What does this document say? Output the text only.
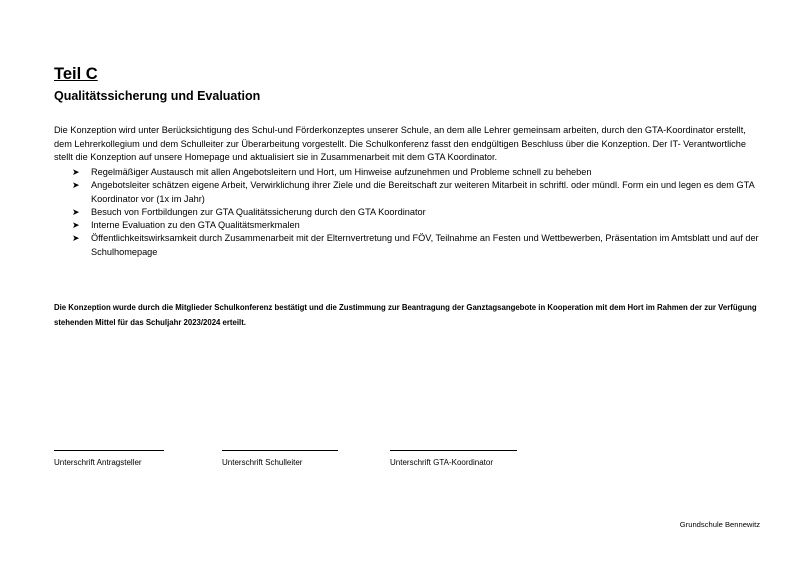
Teil C
Qualitätssicherung und Evaluation

Die Konzeption wird unter Berücksichtigung des Schul-und Förderkonzeptes unserer Schule, an dem alle Lehrer gemeinsam arbeiten, durch den GTA-Koordinator erstellt, dem Lehrerkollegium und dem Schulleiter zur Überarbeitung vorgestellt. Die Schulkonferenz fasst den endgültigen Beschluss über die Konzeption. Der IT- Verantwortliche stellt die Konzeption auf unsere Homepage und aktualisiert sie in Zusammenarbeit mit dem GTA Koordinator.

➤ Regelmäßiger Austausch mit allen Angebotsleitern und Hort, um Hinweise aufzunehmen und Probleme schnell zu beheben
➤ Angebotsleiter schätzen eigene Arbeit, Verwirklichung ihrer Ziele und die Bereitschaft zur weiteren Mitarbeit in schriftl. oder mündl. Form ein und legen es dem GTA Koordinator vor (1x im Jahr)
➤ Besuch von Fortbildungen zur GTA Qualitätssicherung durch den GTA Koordinator
➤ Interne Evaluation zu den GTA Qualitätsmerkmalen
➤ Öffentlichkeitswirksamkeit durch Zusammenarbeit mit der Elternvertretung und FÖV, Teilnahme an Festen und Wettbewerben, Präsentation im Amtsblatt und auf der Schulhomepage

Die Konzeption wurde durch die Mitglieder Schulkonferenz bestätigt und die Zustimmung zur Beantragung der Ganztagsangebote in Kooperation mit dem Hort im Rahmen der zur Verfügung stehenden Mittel für das Schuljahr 2023/2024 erteilt.

Unterschrift Antragsteller	Unterschrift Schulleiter	Unterschrift GTA-Koordinator
Grundschule Bennewitz
